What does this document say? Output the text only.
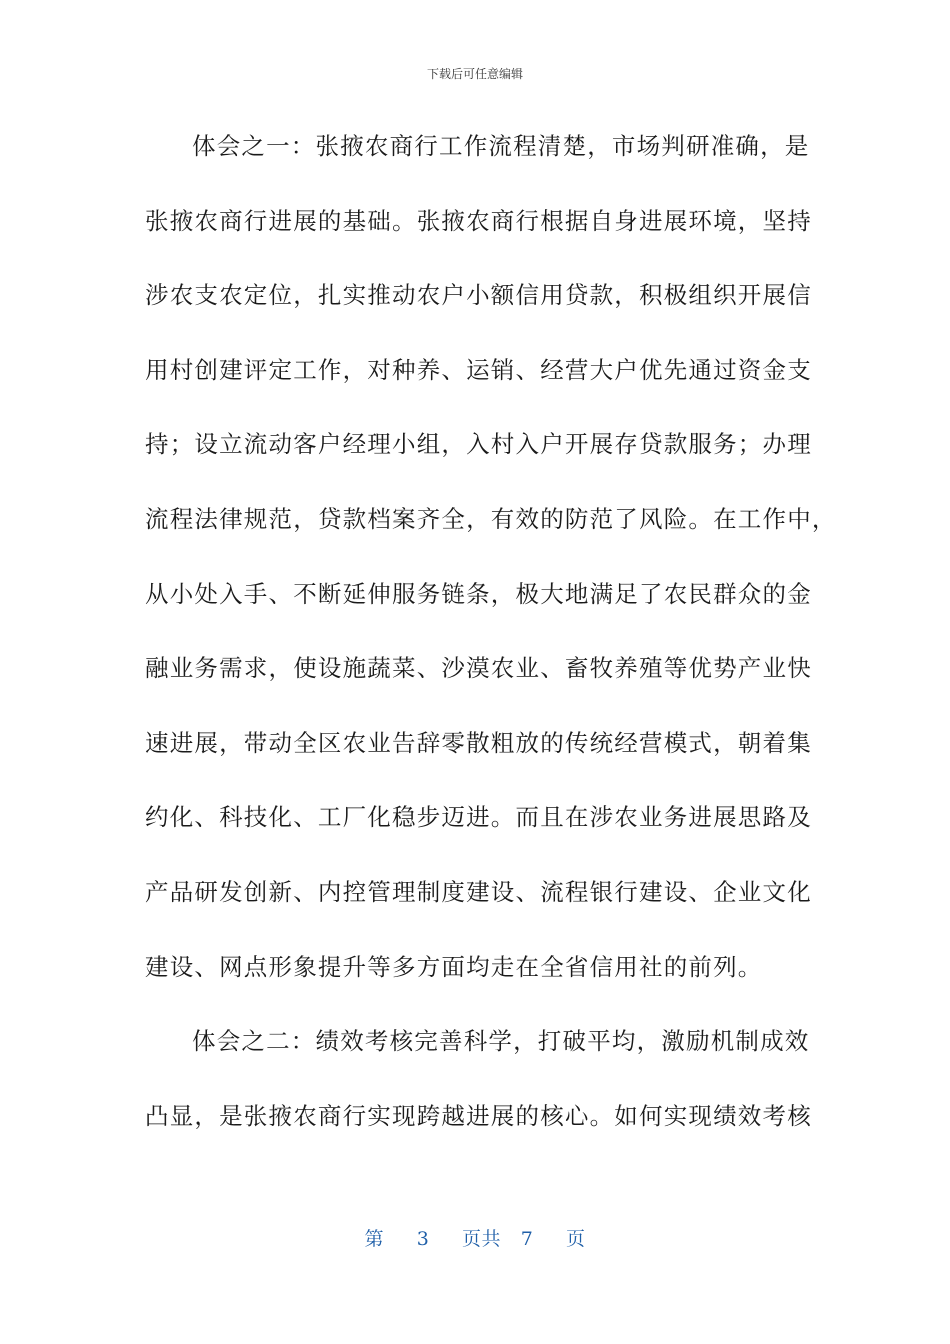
下载后可任意编辑
体会之一：张掖农商行工作流程清楚，市场判研准确，是
张掖农商行进展的基础。张掖农商行根据自身进展环境，坚持
涉农支农定位，扎实推动农户小额信用贷款，积极组织开展信
用村创建评定工作，对种养、运销、经营大户优先通过资金支
持；设立流动客户经理小组，入村入户开展存贷款服务；办理
流程法律规范，贷款档案齐全，有效的防范了风险。在工作中，
从小处入手、不断延伸服务链条，极大地满足了农民群众的金
融业务需求，使设施蔬菜、沙漠农业、畜牧养殖等优势产业快
速进展，带动全区农业告辞零散粗放的传统经营模式，朝着集
约化、科技化、工厂化稳步迈进。而且在涉农业务进展思路及
产品研发创新、内控管理制度建设、流程银行建设、企业文化
建设、网点形象提升等多方面均走在全省信用社的前列。
体会之二：绩效考核完善科学，打破平均，激励机制成效
凸显，是张掖农商行实现跨越进展的核心。如何实现绩效考核
第 3 页共 7 页
